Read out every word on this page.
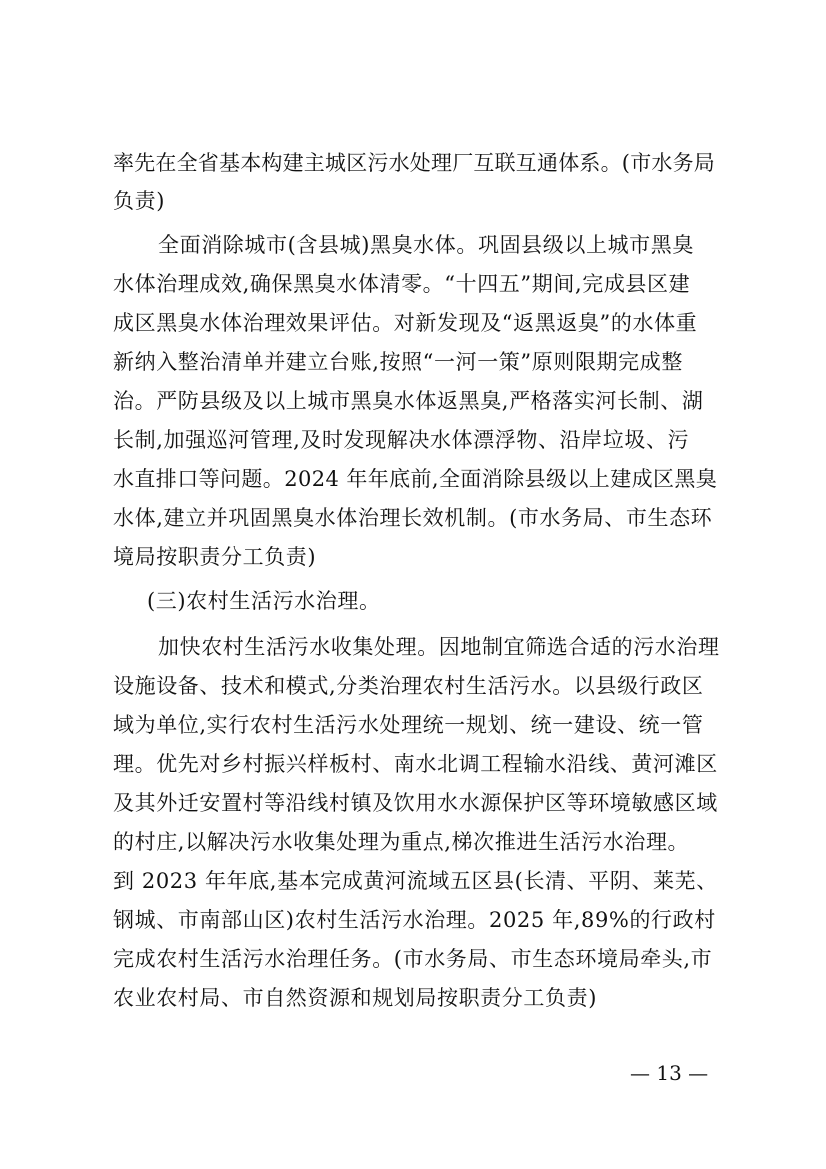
率先在全省基本构建主城区污水处理厂互联互通体系。(市水务局
负责)
全面消除城市(含县城)黑臭水体。巩固县级以上城市黑臭
水体治理成效,确保黑臭水体清零。“十四五”期间,完成县区建
成区黑臭水体治理效果评估。对新发现及“返黑返臭”的水体重
新纳入整治清单并建立台账,按照“一河一策”原则限期完成整
治。严防县级及以上城市黑臭水体返黑臭,严格落实河长制、湖
长制,加强巡河管理,及时发现解决水体漂浮物、沿岸垃圾、污
水直排口等问题。2024 年年底前,全面消除县级以上建成区黑臭
水体,建立并巩固黑臭水体治理长效机制。(市水务局、市生态环
境局按职责分工负责)
(三)农村生活污水治理。
加快农村生活污水收集处理。因地制宜筛选合适的污水治理
设施设备、技术和模式,分类治理农村生活污水。以县级行政区
域为单位,实行农村生活污水处理统一规划、统一建设、统一管
理。优先对乡村振兴样板村、南水北调工程输水沿线、黄河滩区
及其外迁安置村等沿线村镇及饮用水水源保护区等环境敏感区域
的村庄,以解决污水收集处理为重点,梯次推进生活污水治理。
到 2023 年年底,基本完成黄河流域五区县(长清、平阴、莱芜、
钢城、市南部山区)农村生活污水治理。2025 年,89%的行政村
完成农村生活污水治理任务。(市水务局、市生态环境局牵头,市
农业农村局、市自然资源和规划局按职责分工负责)
— 13 —
